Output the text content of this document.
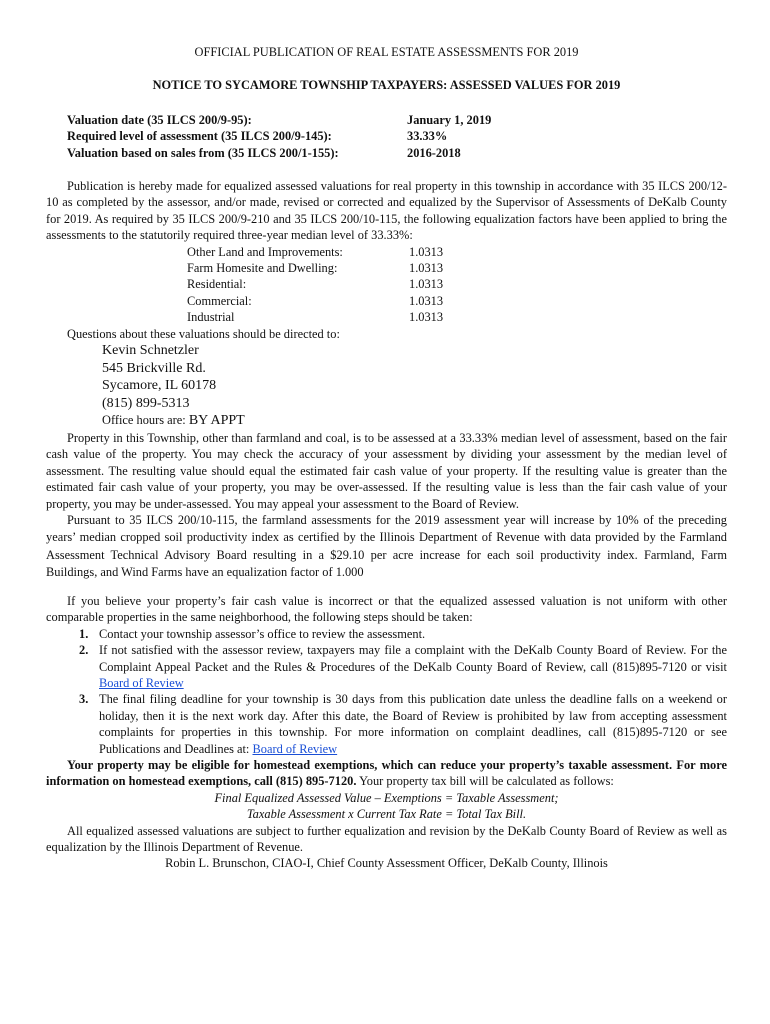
OFFICIAL PUBLICATION OF REAL ESTATE ASSESSMENTS FOR 2019
NOTICE TO SYCAMORE TOWNSHIP TAXPAYERS: ASSESSED VALUES FOR 2019
Valuation date (35 ILCS 200/9-95):	January 1, 2019
Required level of assessment (35 ILCS 200/9-145):	33.33%
Valuation based on sales from (35 ILCS 200/1-155):	2016-2018
Publication is hereby made for equalized assessed valuations for real property in this township in accordance with 35 ILCS 200/12-10 as completed by the assessor, and/or made, revised or corrected and equalized by the Supervisor of Assessments of DeKalb County for 2019. As required by 35 ILCS 200/9-210 and 35 ILCS 200/10-115, the following equalization factors have been applied to bring the assessments to the statutorily required three-year median level of 33.33%:
Other Land and Improvements:	1.0313
Farm Homesite and Dwelling:	1.0313
Residential:	1.0313
Commercial:	1.0313
Industrial	1.0313
Questions about these valuations should be directed to:
Kevin Schnetzler
545 Brickville Rd.
Sycamore, IL 60178
(815) 899-5313
Office hours are: BY APPT
Property in this Township, other than farmland and coal, is to be assessed at a 33.33% median level of assessment, based on the fair cash value of the property. You may check the accuracy of your assessment by dividing your assessment by the median level of assessment. The resulting value should equal the estimated fair cash value of your property. If the resulting value is greater than the estimated fair cash value of your property, you may be over-assessed. If the resulting value is less than the fair cash value of your property, you may be under-assessed. You may appeal your assessment to the Board of Review.
Pursuant to 35 ILCS 200/10-115, the farmland assessments for the 2019 assessment year will increase by 10% of the preceding years’ median cropped soil productivity index as certified by the Illinois Department of Revenue with data provided by the Farmland Assessment Technical Advisory Board resulting in a $29.10 per acre increase for each soil productivity index. Farmland, Farm Buildings, and Wind Farms have an equalization factor of 1.000
If you believe your property’s fair cash value is incorrect or that the equalized assessed valuation is not uniform with other comparable properties in the same neighborhood, the following steps should be taken:
1. Contact your township assessor’s office to review the assessment.
2. If not satisfied with the assessor review, taxpayers may file a complaint with the DeKalb County Board of Review. For the Complaint Appeal Packet and the Rules & Procedures of the DeKalb County Board of Review, call (815)895-7120 or visit Board of Review
3. The final filing deadline for your township is 30 days from this publication date unless the deadline falls on a weekend or holiday, then it is the next work day. After this date, the Board of Review is prohibited by law from accepting assessment complaints for properties in this township. For more information on complaint deadlines, call (815)895-7120 or see Publications and Deadlines at: Board of Review
Your property may be eligible for homestead exemptions, which can reduce your property’s taxable assessment. For more information on homestead exemptions, call (815) 895-7120. Your property tax bill will be calculated as follows:
Final Equalized Assessed Value – Exemptions = Taxable Assessment;
Taxable Assessment x Current Tax Rate = Total Tax Bill.
All equalized assessed valuations are subject to further equalization and revision by the DeKalb County Board of Review as well as equalization by the Illinois Department of Revenue.
Robin L. Brunschon, CIAO-I, Chief County Assessment Officer, DeKalb County, Illinois
